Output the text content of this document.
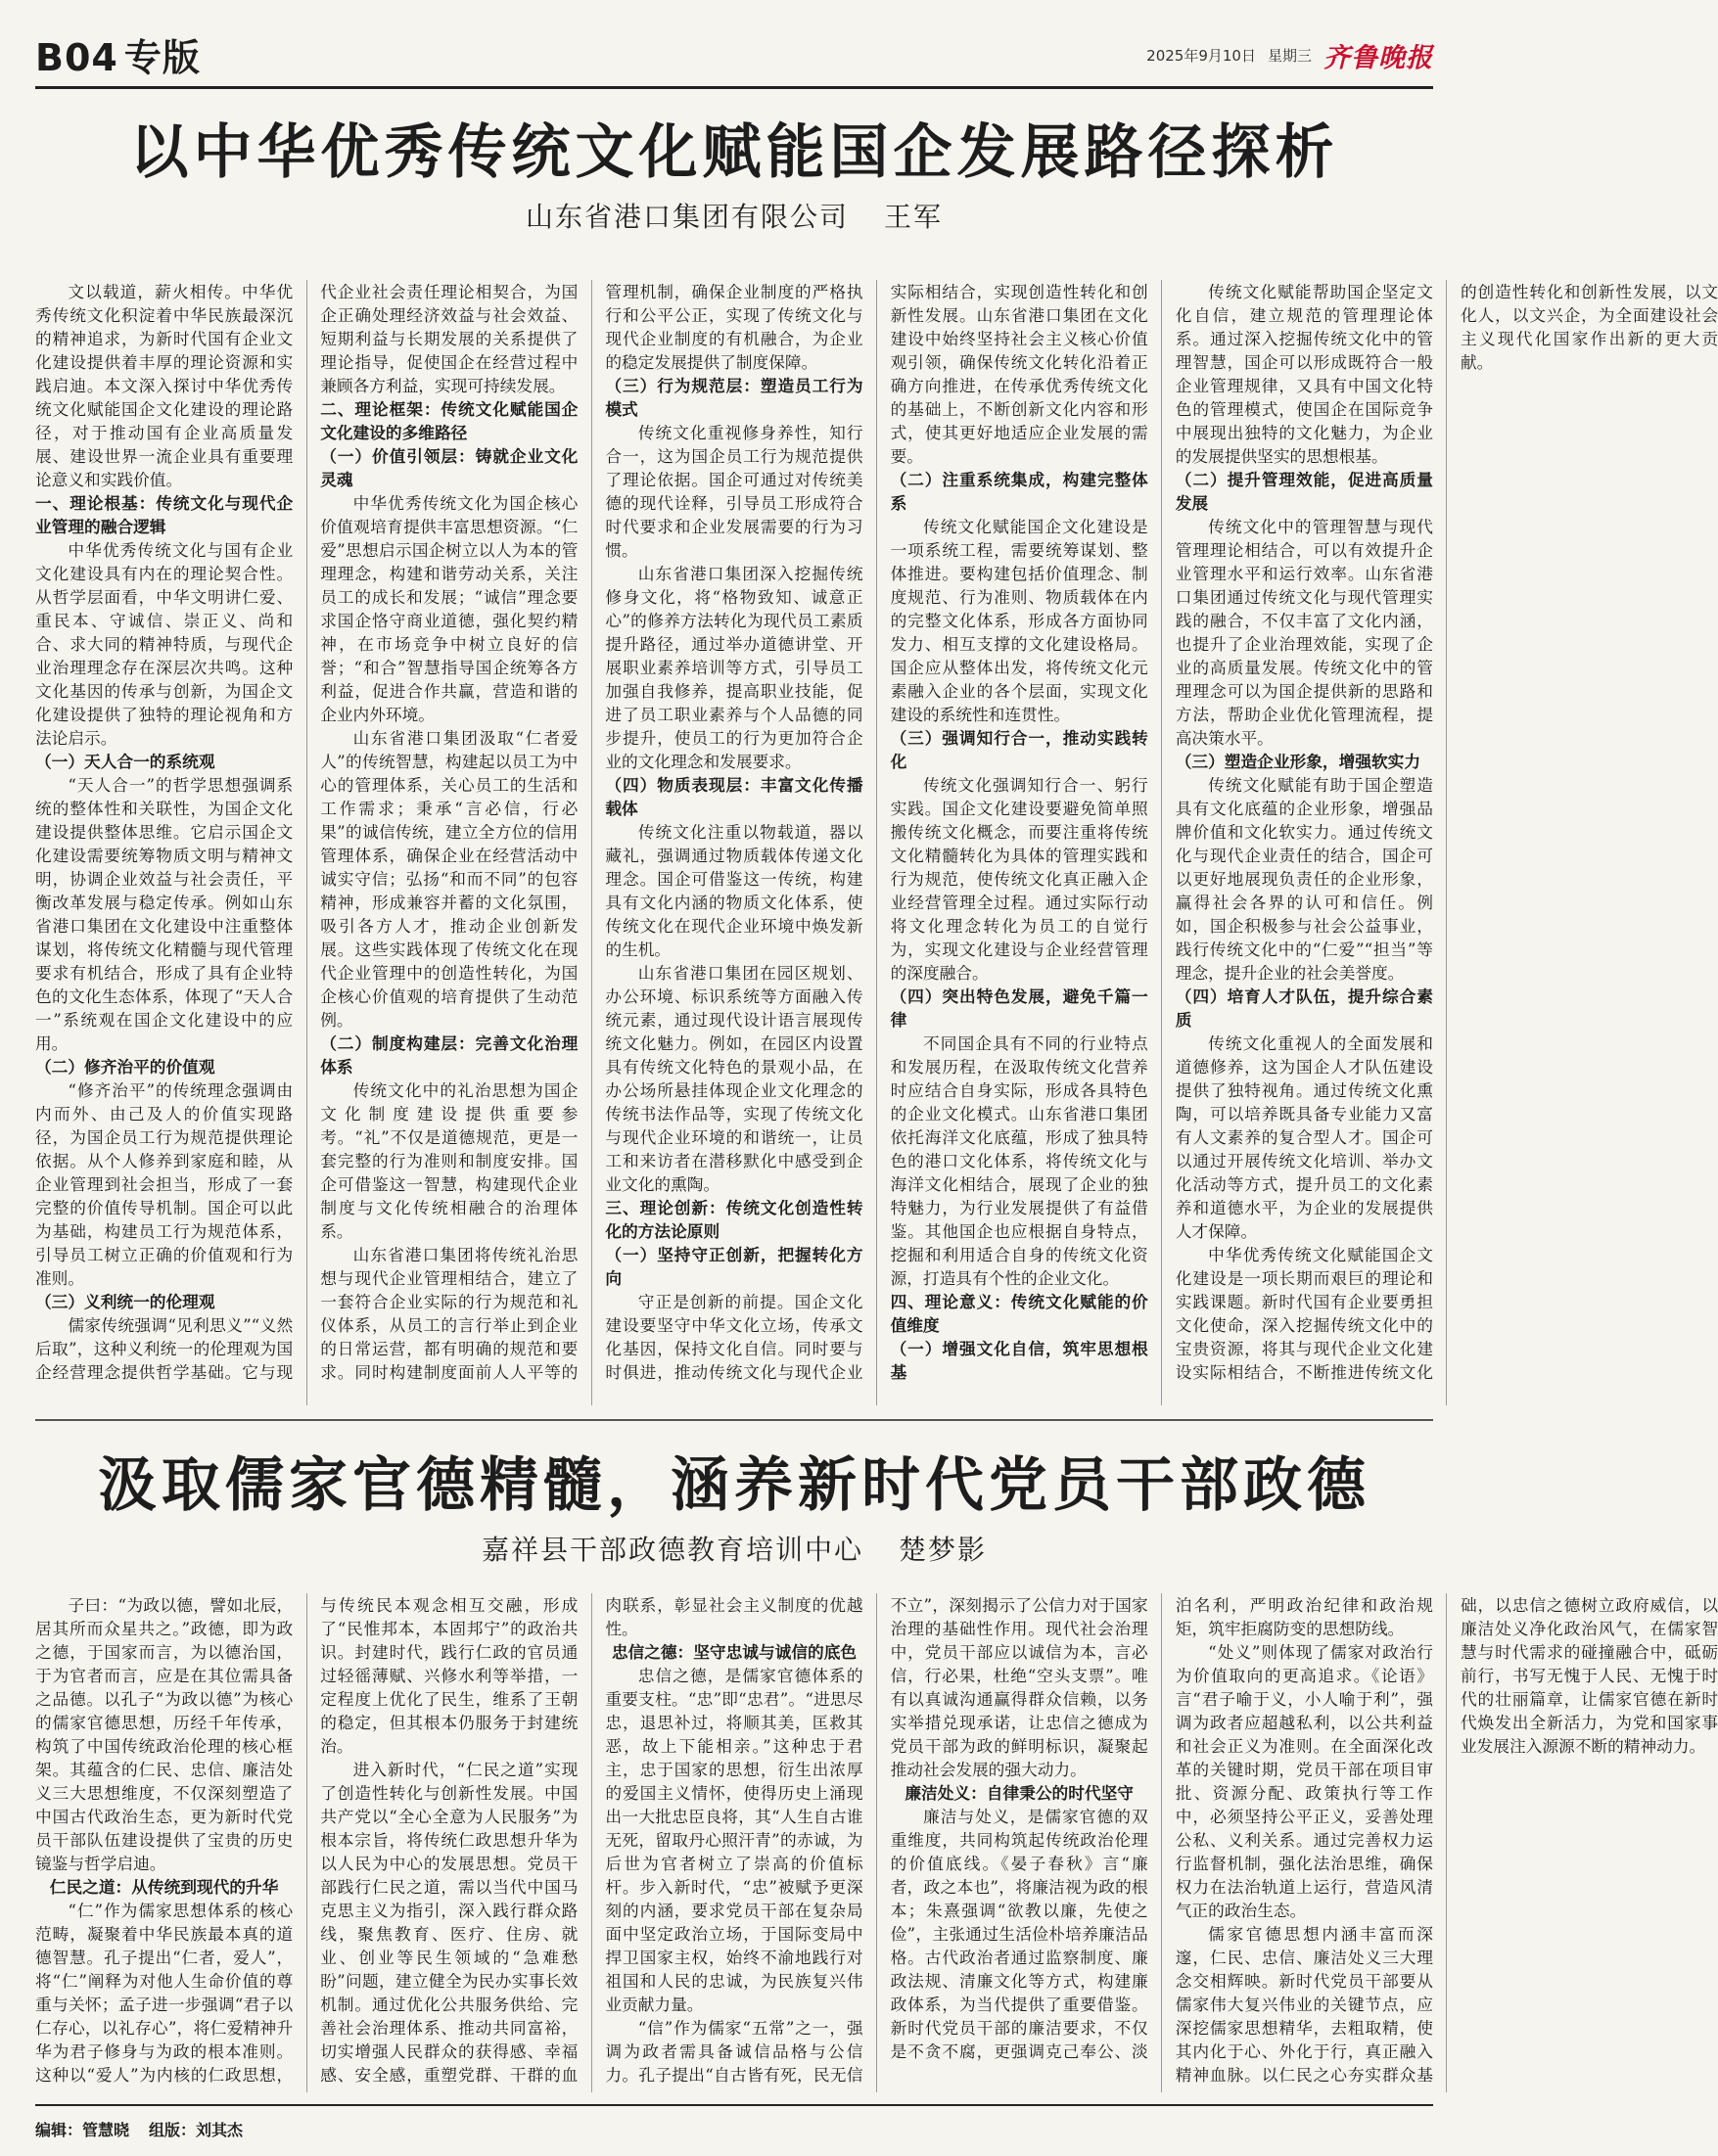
B04 专版	2025年9月10日 星期三 齐鲁晚报
以中华优秀传统文化赋能国企发展路径探析
山东省港口集团有限公司 王军

文以载道，薪火相传。中华优秀传统文化积淀着中华民族最深沉的精神追求，为新时代国有企业文化建设提供着丰厚的理论资源和实践启迪。本文深入探讨中华优秀传统文化赋能国企文化建设的理论路径，对于推动国有企业高质量发展、建设世界一流企业具有重要理论意义和实践价值。

一、理论根基：传统文化与现代企业管理的融合逻辑

中华优秀传统文化与国有企业文化建设具有内在的理论契合性。从哲学层面看，中华文明讲仁爱、重民本、守诚信、崇正义、尚和合、求大同的精神特质，与现代企业治理理念存在深层次共鸣。这种文化基因的传承与创新，为国企文化建设提供了独特的理论视角和方法论启示。

（一）天人合一的系统观

“天人合一”的哲学思想强调系统的整体性和关联性，为国企文化建设提供整体思维。它启示国企文化建设需要统筹物质文明与精神文明，协调企业效益与社会责任，平衡改革发展与稳定传承。例如山东省港口集团在文化建设中注重整体谋划，将传统文化精髓与现代管理要求有机结合，形成了具有企业特色的文化生态体系，体现了“天人合一”系统观在国企文化建设中的应用。

（二）修齐治平的价值观

“修齐治平”的传统理念强调由内而外、由己及人的价值实现路径，为国企员工行为规范提供理论依据。从个人修养到家庭和睦，从企业管理到社会担当，形成了一套完整的价值传导机制。国企可以此为基础，构建员工行为规范体系，引导员工树立正确的价值观和行为准则。

（三）义利统一的伦理观

儒家传统强调“见利思义”“义然后取”，这种义利统一的伦理观为国企经营理念提供哲学基础。它与现代企业社会责任理论相契合，为国企正确处理经济效益与社会效益、短期利益与长期发展的关系提供了理论指导，促使国企在经营过程中兼顾各方利益，实现可持续发展。

二、理论框架：传统文化赋能国企文化建设的多维路径
（一）价值引领层：铸就企业文化灵魂

中华优秀传统文化为国企核心价值观培育提供丰富思想资源。“仁爱”思想启示国企树立以人为本的管理理念，构建和谐劳动关系，关注员工的成长和发展；“诚信”理念要求国企恪守商业道德，强化契约精神，在市场竞争中树立良好的信誉；“和合”智慧指导国企统筹各方利益，促进合作共赢，营造和谐的企业内外环境。

山东省港口集团汲取“仁者爱人”的传统智慧，构建起以员工为中心的管理体系，关心员工的生活和工作需求；秉承“言必信，行必果”的诚信传统，建立全方位的信用管理体系，确保企业在经营活动中诚实守信；弘扬“和而不同”的包容精神，形成兼容并蓄的文化氛围，吸引各方人才，推动企业创新发展。这些实践体现了传统文化在现代企业管理中的创造性转化，为国企核心价值观的培育提供了生动范例。

（二）制度构建层：完善文化治理体系

传统文化中的礼治思想为国企文化制度建设提供重要参考。“礼”不仅是道德规范，更是一套完整的行为准则和制度安排。国企可借鉴这一智慧，构建现代企业制度与文化传统相融合的治理体系。

山东省港口集团将传统礼治思想与现代企业管理相结合，建立了一套符合企业实际的行为规范和礼仪体系，从员工的言行举止到企业的日常运营，都有明确的规范和要求。同时构建制度面前人人平等的管理机制，确保企业制度的严格执行和公平公正，实现了传统文化与现代企业制度的有机融合，为企业的稳定发展提供了制度保障。

（三）行为规范层：塑造员工行为模式

传统文化重视修身养性，知行合一，这为国企员工行为规范提供了理论依据。国企可通过对传统美德的现代诠释，引导员工形成符合时代要求和企业发展需要的行为习惯。

山东省港口集团深入挖掘传统修身文化，将“格物致知、诚意正心”的修养方法转化为现代员工素质提升路径，通过举办道德讲堂、开展职业素养培训等方式，引导员工加强自我修养，提高职业技能，促进了员工职业素养与个人品德的同步提升，使员工的行为更加符合企业的文化理念和发展要求。

（四）物质表现层：丰富文化传播载体

传统文化注重以物载道，器以藏礼，强调通过物质载体传递文化理念。国企可借鉴这一传统，构建具有文化内涵的物质文化体系，使传统文化在现代企业环境中焕发新的生机。

山东省港口集团在园区规划、办公环境、标识系统等方面融入传统元素，通过现代设计语言展现传统文化魅力。例如，在园区内设置具有传统文化特色的景观小品，在办公场所悬挂体现企业文化理念的传统书法作品等，实现了传统文化与现代企业环境的和谐统一，让员工和来访者在潜移默化中感受到企业文化的熏陶。

三、理论创新：传统文化创造性转化的方法论原则
（一）坚持守正创新，把握转化方向

守正是创新的前提。国企文化建设要坚守中华文化立场，传承文化基因，保持文化自信。同时要与时俱进，推动传统文化与现代企业实际相结合，实现创造性转化和创新性发展。山东省港口集团在文化建设中始终坚持社会主义核心价值观引领，确保传统文化转化沿着正确方向推进，在传承优秀传统文化的基础上，不断创新文化内容和形式，使其更好地适应企业发展的需要。

（二）注重系统集成，构建完整体系

传统文化赋能国企文化建设是一项系统工程，需要统筹谋划、整体推进。要构建包括价值理念、制度规范、行为准则、物质载体在内的完整文化体系，形成各方面协同发力、相互支撑的文化建设格局。国企应从整体出发，将传统文化元素融入企业的各个层面，实现文化建设的系统性和连贯性。

（三）强调知行合一，推动实践转化

传统文化强调知行合一、躬行实践。国企文化建设要避免简单照搬传统文化概念，而要注重将传统文化精髓转化为具体的管理实践和行为规范，使传统文化真正融入企业经营管理全过程。通过实际行动将文化理念转化为员工的自觉行为，实现文化建设与企业经营管理的深度融合。

（四）突出特色发展，避免千篇一律

不同国企具有不同的行业特点和发展历程，在汲取传统文化营养时应结合自身实际，形成各具特色的企业文化模式。山东省港口集团依托海洋文化底蕴，形成了独具特色的港口文化体系，将传统文化与海洋文化相结合，展现了企业的独特魅力，为行业发展提供了有益借鉴。其他国企也应根据自身特点，挖掘和利用适合自身的传统文化资源，打造具有个性的企业文化。

四、理论意义：传统文化赋能的价值维度
（一）增强文化自信，筑牢思想根基

传统文化赋能帮助国企坚定文化自信，建立规范的管理理论体系。通过深入挖掘传统文化中的管理智慧，国企可以形成既符合一般企业管理规律，又具有中国文化特色的管理模式，使国企在国际竞争中展现出独特的文化魅力，为企业的发展提供坚实的思想根基。

（二）提升管理效能，促进高质量发展

传统文化中的管理智慧与现代管理理论相结合，可以有效提升企业管理水平和运行效率。山东省港口集团通过传统文化与现代管理实践的融合，不仅丰富了文化内涵，也提升了企业治理效能，实现了企业的高质量发展。传统文化中的管理理念可以为国企提供新的思路和方法，帮助企业优化管理流程，提高决策水平。

（三）塑造企业形象，增强软实力

传统文化赋能有助于国企塑造具有文化底蕴的企业形象，增强品牌价值和文化软实力。通过传统文化与现代企业责任的结合，国企可以更好地展现负责任的企业形象，赢得社会各界的认可和信任。例如，国企积极参与社会公益事业，践行传统文化中的“仁爱”“担当”等理念，提升企业的社会美誉度。

（四）培育人才队伍，提升综合素质

传统文化重视人的全面发展和道德修养，这为国企人才队伍建设提供了独特视角。通过传统文化熏陶，可以培养既具备专业能力又富有人文素养的复合型人才。国企可以通过开展传统文化培训、举办文化活动等方式，提升员工的文化素养和道德水平，为企业的发展提供人才保障。

中华优秀传统文化赋能国企文化建设是一项长期而艰巨的理论和实践课题。新时代国有企业要勇担文化使命，深入挖掘传统文化中的宝贵资源，将其与现代企业文化建设实际相结合，不断推进传统文化的创造性转化和创新性发展，以文化人，以文兴企，为全面建设社会主义现代化国家作出新的更大贡献。

汲取儒家官德精髓，涵养新时代党员干部政德
嘉祥县干部政德教育培训中心 楚梦影

子曰：“为政以德，譬如北辰，居其所而众星共之。”政德，即为政之德，于国家而言，为以德治国，于为官者而言，应是在其位需具备之品德。以孔子“为政以德”为核心的儒家官德思想，历经千年传承，构筑了中国传统政治伦理的核心框架。其蕴含的仁民、忠信、廉洁处义三大思想维度，不仅深刻塑造了中国古代政治生态，更为新时代党员干部队伍建设提供了宝贵的历史镜鉴与哲学启迪。

仁民之道：从传统到现代的升华

“仁”作为儒家思想体系的核心范畴，凝聚着中华民族最本真的道德智慧。孔子提出“仁者，爱人”，将“仁”阐释为对他人生命价值的尊重与关怀；孟子进一步强调“君子以仁存心，以礼存心”，将仁爱精神升华为君子修身与为政的根本准则。这种以“爱人”为内核的仁政思想，与传统民本观念相互交融，形成了“民惟邦本，本固邦宁”的政治共识。封建时代，践行仁政的官员通过轻徭薄赋、兴修水利等举措，一定程度上优化了民生，维系了王朝的稳定，但其根本仍服务于封建统治。

进入新时代，“仁民之道”实现了创造性转化与创新性发展。中国共产党以“全心全意为人民服务”为根本宗旨，将传统仁政思想升华为以人民为中心的发展思想。党员干部践行仁民之道，需以当代中国马克思主义为指引，深入践行群众路线，聚焦教育、医疗、住房、就业、创业等民生领域的“急难愁盼”问题，建立健全为民办实事长效机制。通过优化公共服务供给、完善社会治理体系、推动共同富裕，切实增强人民群众的获得感、幸福感、安全感，重塑党群、干群的血肉联系，彰显社会主义制度的优越性。

忠信之德：坚守忠诚与诚信的底色

忠信之德，是儒家官德体系的重要支柱。“忠”即“忠君”。“进思尽忠，退思补过，将顺其美，匡救其恶，故上下能相亲。”这种忠于君主，忠于国家的思想，衍生出浓厚的爱国主义情怀，使得历史上涌现出一大批忠臣良将，其“人生自古谁无死，留取丹心照汗青”的赤诚，为后世为官者树立了崇高的价值标杆。步入新时代，“忠”被赋予更深刻的内涵，要求党员干部在复杂局面中坚定政治立场，于国际变局中捍卫国家主权，始终不渝地践行对祖国和人民的忠诚，为民族复兴伟业贡献力量。

“信”作为儒家“五常”之一，强调为政者需具备诚信品格与公信力。孔子提出“自古皆有死，民无信不立”，深刻揭示了公信力对于国家治理的基础性作用。现代社会治理中，党员干部应以诚信为本，言必信，行必果，杜绝“空头支票”。唯有以真诚沟通赢得群众信赖，以务实举措兑现承诺，让忠信之德成为党员干部为政的鲜明标识，凝聚起推动社会发展的强大动力。

廉洁处义：自律秉公的时代坚守

廉洁与处义，是儒家官德的双重维度，共同构筑起传统政治伦理的价值底线。《晏子春秋》言“廉者，政之本也”，将廉洁视为政的根本；朱熹强调“欲教以廉，先使之俭”，主张通过生活俭朴培养廉洁品格。古代政治者通过监察制度、廉政法规、清廉文化等方式，构建廉政体系，为当代提供了重要借鉴。新时代党员干部的廉洁要求，不仅是不贪不腐，更强调克己奉公、淡泊名利，严明政治纪律和政治规矩，筑牢拒腐防变的思想防线。

“处义”则体现了儒家对政治行为价值取向的更高追求。《论语》言“君子喻于义，小人喻于利”，强调为政者应超越私利，以公共利益和社会正义为准则。在全面深化改革的关键时期，党员干部在项目审批、资源分配、政策执行等工作中，必须坚持公平正义，妥善处理公私、义利关系。通过完善权力运行监督机制，强化法治思维，确保权力在法治轨道上运行，营造风清气正的政治生态。

儒家官德思想内涵丰富而深邃，仁民、忠信、廉洁处义三大理念交相辉映。新时代党员干部要从儒家伟大复兴伟业的关键节点，应深挖儒家思想精华，去粗取精，使其内化于心、外化于行，真正融入精神血脉。以仁民之心夯实群众基础，以忠信之德树立政府威信，以廉洁处义净化政治风气，在儒家智慧与时代需求的碰撞融合中，砥砺前行，书写无愧于人民、无愧于时代的壮丽篇章，让儒家官德在新时代焕发出全新活力，为党和国家事业发展注入源源不断的精神动力。

编辑：管慧晓 组版：刘其杰
